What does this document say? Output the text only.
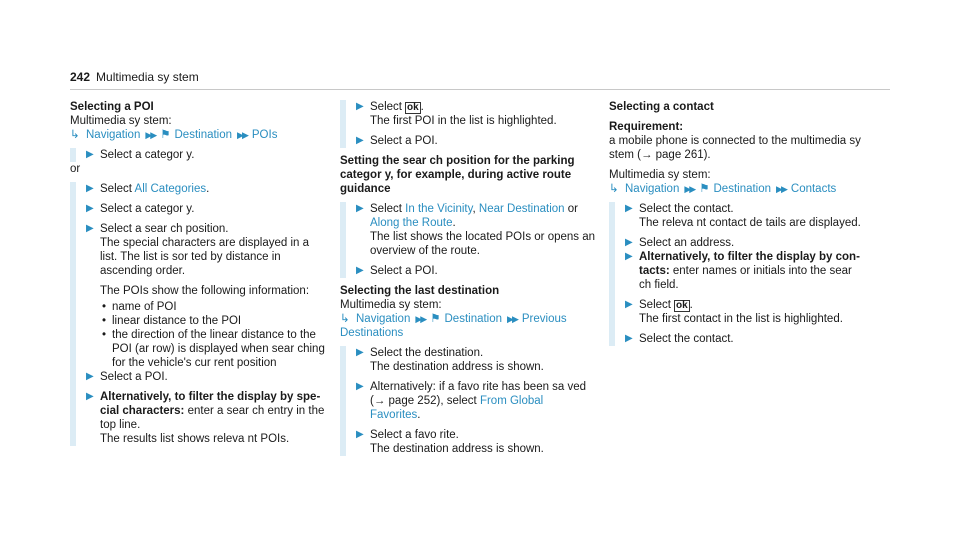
242 Multimedia sy stem

Selecting a POI

Multimedia sy stem:

↳ Navigation ▶▶ ⚑ Destination ▶▶ POIs

▶ Select a categor y.

or

▶ Select All Categories.
▶ Select a categor y.
▶ Select a sear ch position.
The special characters are displayed in a list. The list is sor ted by distance in ascending order.
The POIs show the following information:
• name of POI
• linear distance to the POI
• the direction of the linear distance to the POI (ar row) is displayed when sear ching for the vehicle's cur rent position
▶ Select a POI.
▶ Alternatively, to filter the display by special characters: enter a sear ch entry in the top line.
The results list shows releva nt POIs.
▶ Select ok .
The first POI in the list is highlighted.
▶ Select a POI.

Setting the sear ch position for the parking categor y, for example, during active route guidance

▶ Select In the Vicinity, Near Destination or Along the Route.
The list shows the located POIs or opens an overview of the route.
▶ Select a POI.

Selecting the last destination

Multimedia sy stem:

↳ Navigation ▶▶ ⚑ Destination ▶▶ Previous Destinations

▶ Select the destination.
The destination address is shown.
▶ Alternatively: if a favo rite has been sa ved (→ page 252), select From Global Favorites.
▶ Select a favo rite.
The destination address is shown.

Selecting a contact

Requirement:

a mobile phone is connected to the multimedia sy stem (→ page 261).

Multimedia sy stem:

↳ Navigation ▶▶ ⚑ Destination ▶▶ Contacts

▶ Select the contact.
The releva nt contact de tails are displayed.
▶ Select an address.
▶ Alternatively, to filter the display by contacts: enter names or initials into the sear ch field.
▶ Select ok .
The first contact in the list is highlighted.
▶ Select the contact.
